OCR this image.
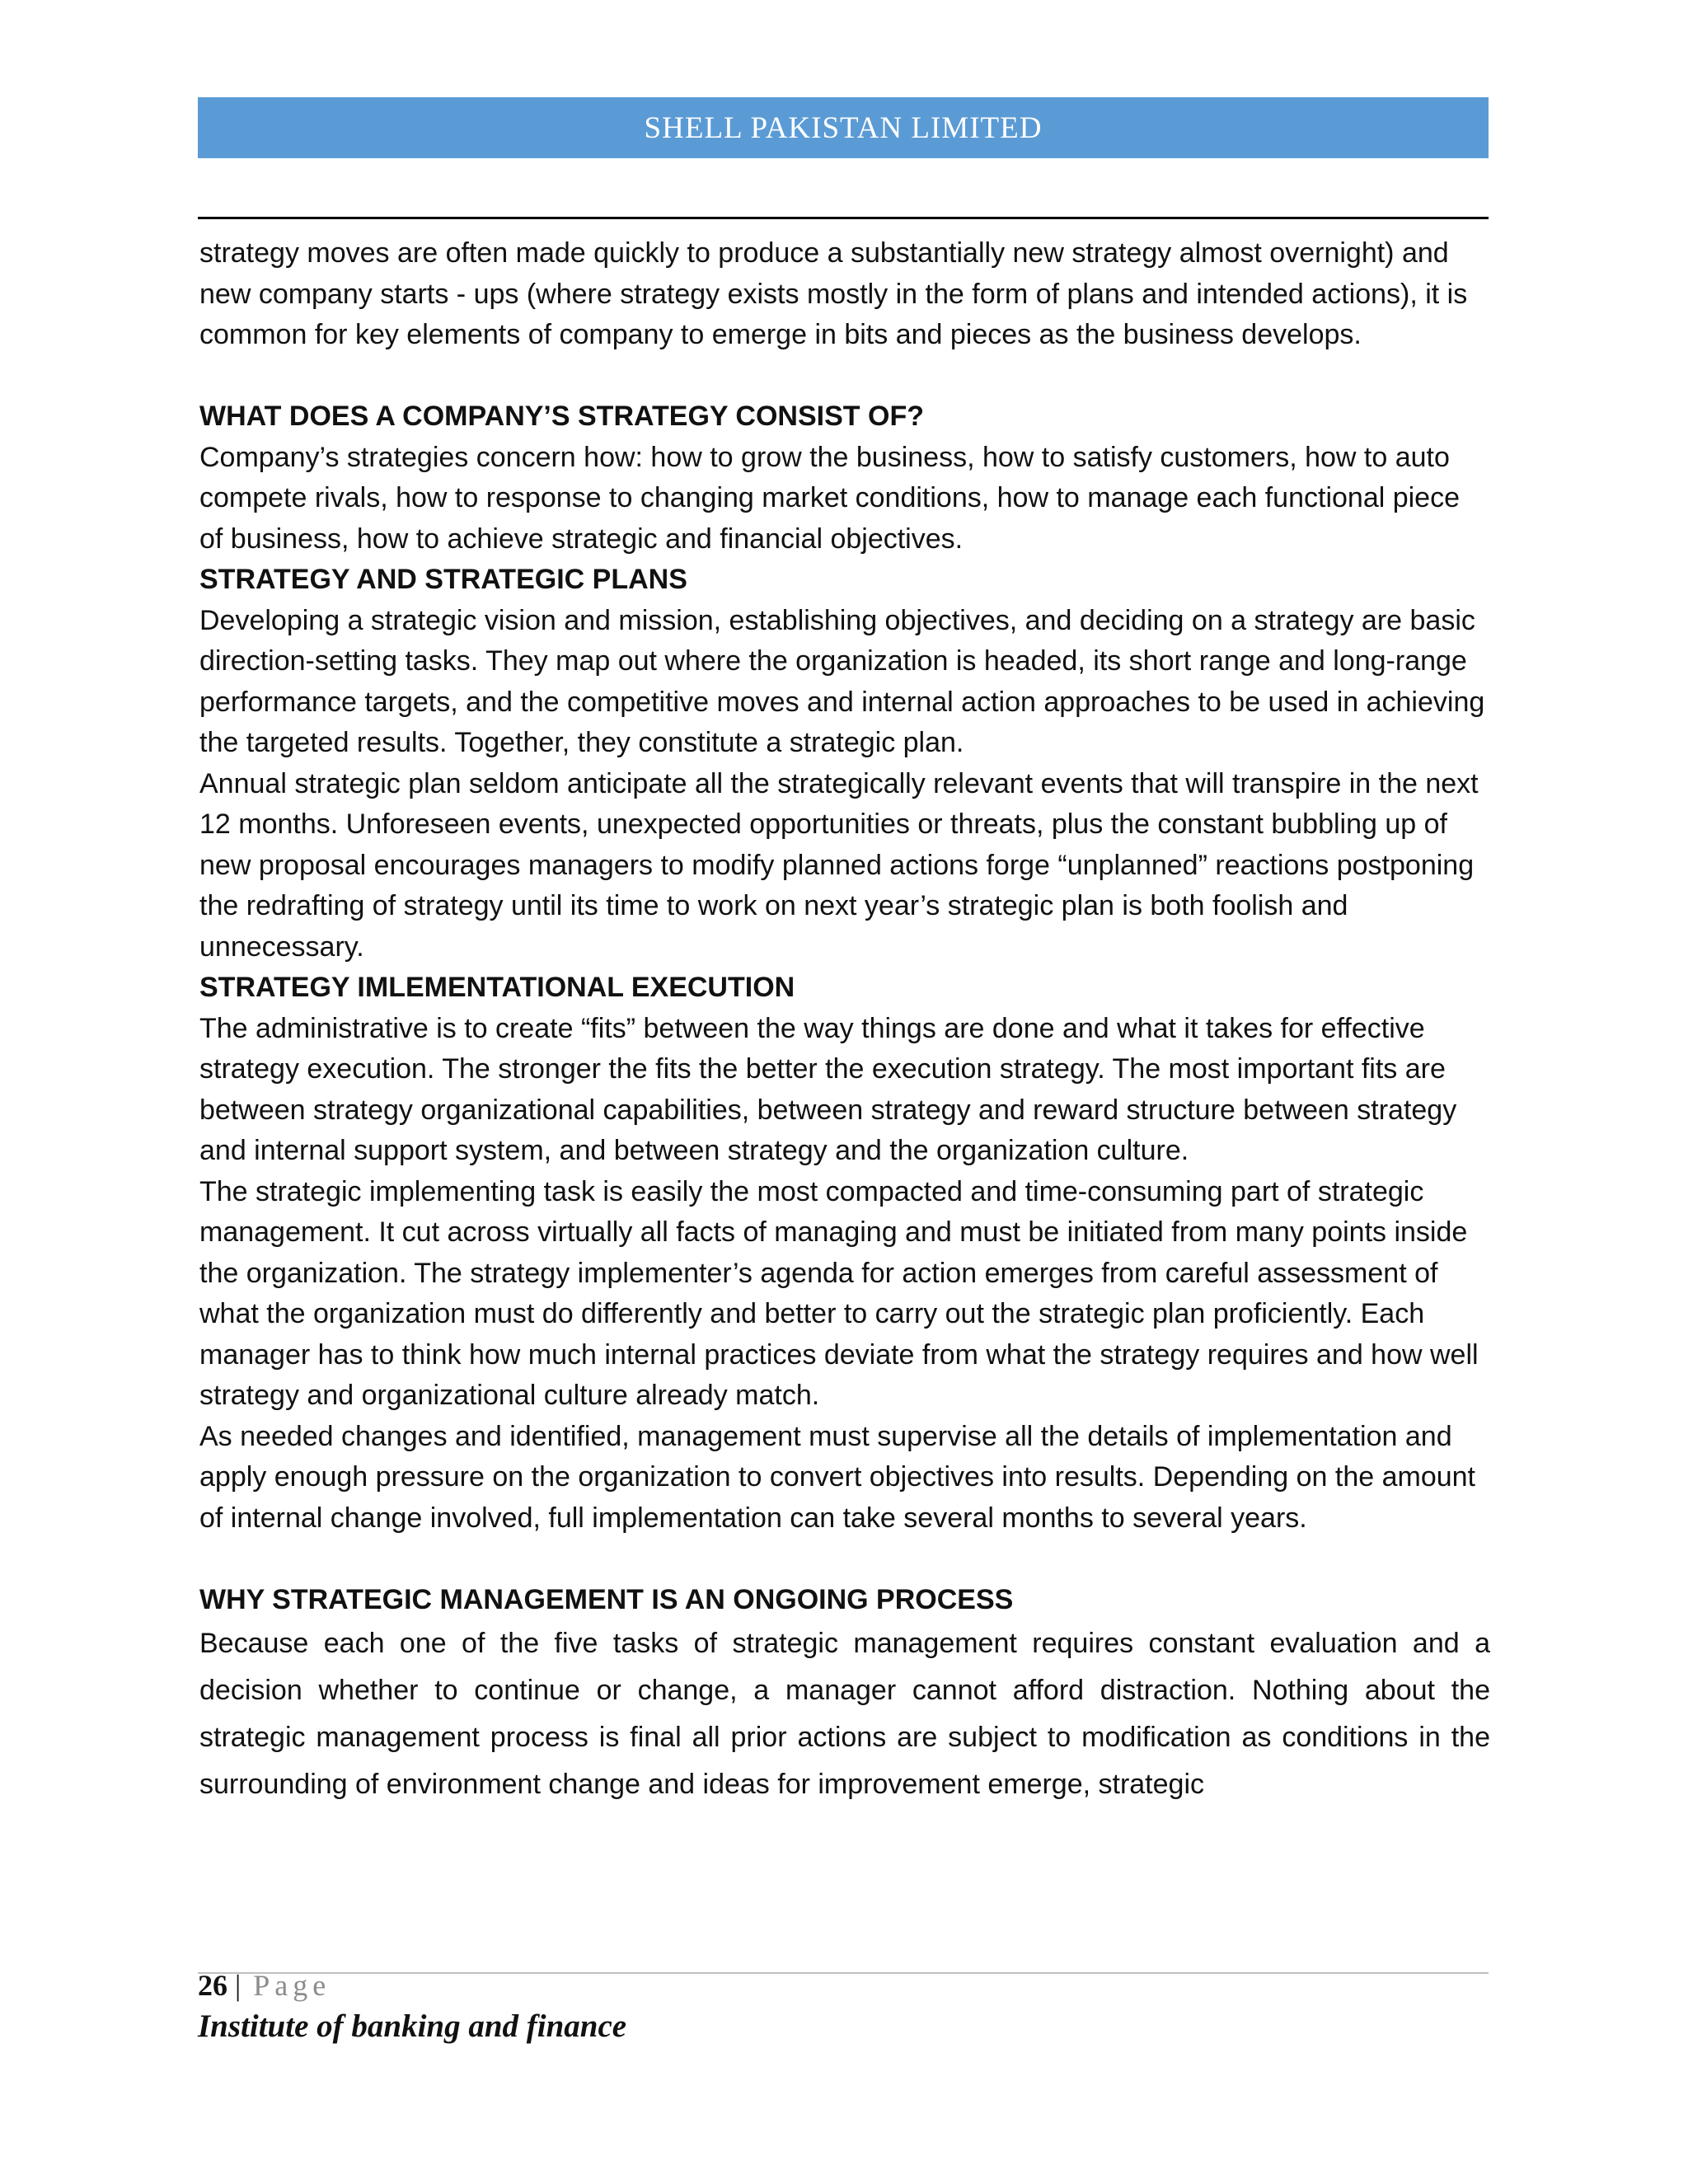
SHELL PAKISTAN LIMITED

strategy moves are often made quickly to produce a substantially new strategy almost overnight) and new company starts - ups (where strategy exists mostly in the form of plans and intended actions), it is common for key elements of company to emerge in bits and pieces as the business develops.

WHAT DOES A COMPANY’S STRATEGY CONSIST OF?

Company’s strategies concern how: how to grow the business, how to satisfy customers, how to auto compete rivals, how to response to changing market conditions, how to manage each functional piece of business, how to achieve strategic and financial objectives.

STRATEGY AND STRATEGIC PLANS

Developing a strategic vision and mission, establishing objectives, and deciding on a strategy are basic direction-setting tasks. They map out where the organization is headed, its short range and long-range performance targets, and the competitive moves and internal action approaches to be used in achieving the targeted results. Together, they constitute a strategic plan.

Annual strategic plan seldom anticipate all the strategically relevant events that will transpire in the next 12 months. Unforeseen events, unexpected opportunities or threats, plus the constant bubbling up of new proposal encourages managers to modify planned actions forge “unplanned” reactions postponing the redrafting of strategy until its time to work on next year’s strategic plan is both foolish and unnecessary.

STRATEGY IMLEMENTATIONAL EXECUTION

The administrative is to create “fits” between the way things are done and what it takes for effective strategy execution. The stronger the fits the better the execution strategy. The most important fits are between strategy organizational capabilities, between strategy and reward structure between strategy and internal support system, and between strategy and the organization culture.

The strategic implementing task is easily the most compacted and time-consuming part of strategic management. It cut across virtually all facts of managing and must be initiated from many points inside the organization. The strategy implementer’s agenda for action emerges from careful assessment of what the organization must do differently and better to carry out the strategic plan proficiently. Each manager has to think how much internal practices deviate from what the strategy requires and how well strategy and organizational culture already match.

As needed changes and identified, management must supervise all the details of implementation and apply enough pressure on the organization to convert objectives into results. Depending on the amount of internal change involved, full implementation can take several months to several years.

WHY STRATEGIC MANAGEMENT IS AN ONGOING PROCESS

Because each one of the five tasks of strategic management requires constant evaluation and a decision whether to continue or change, a manager cannot afford distraction. Nothing about the strategic management process is final all prior actions are subject to modification as conditions in the surrounding of environment change and ideas for improvement emerge, strategic

26 | Page
Institute of banking and finance
